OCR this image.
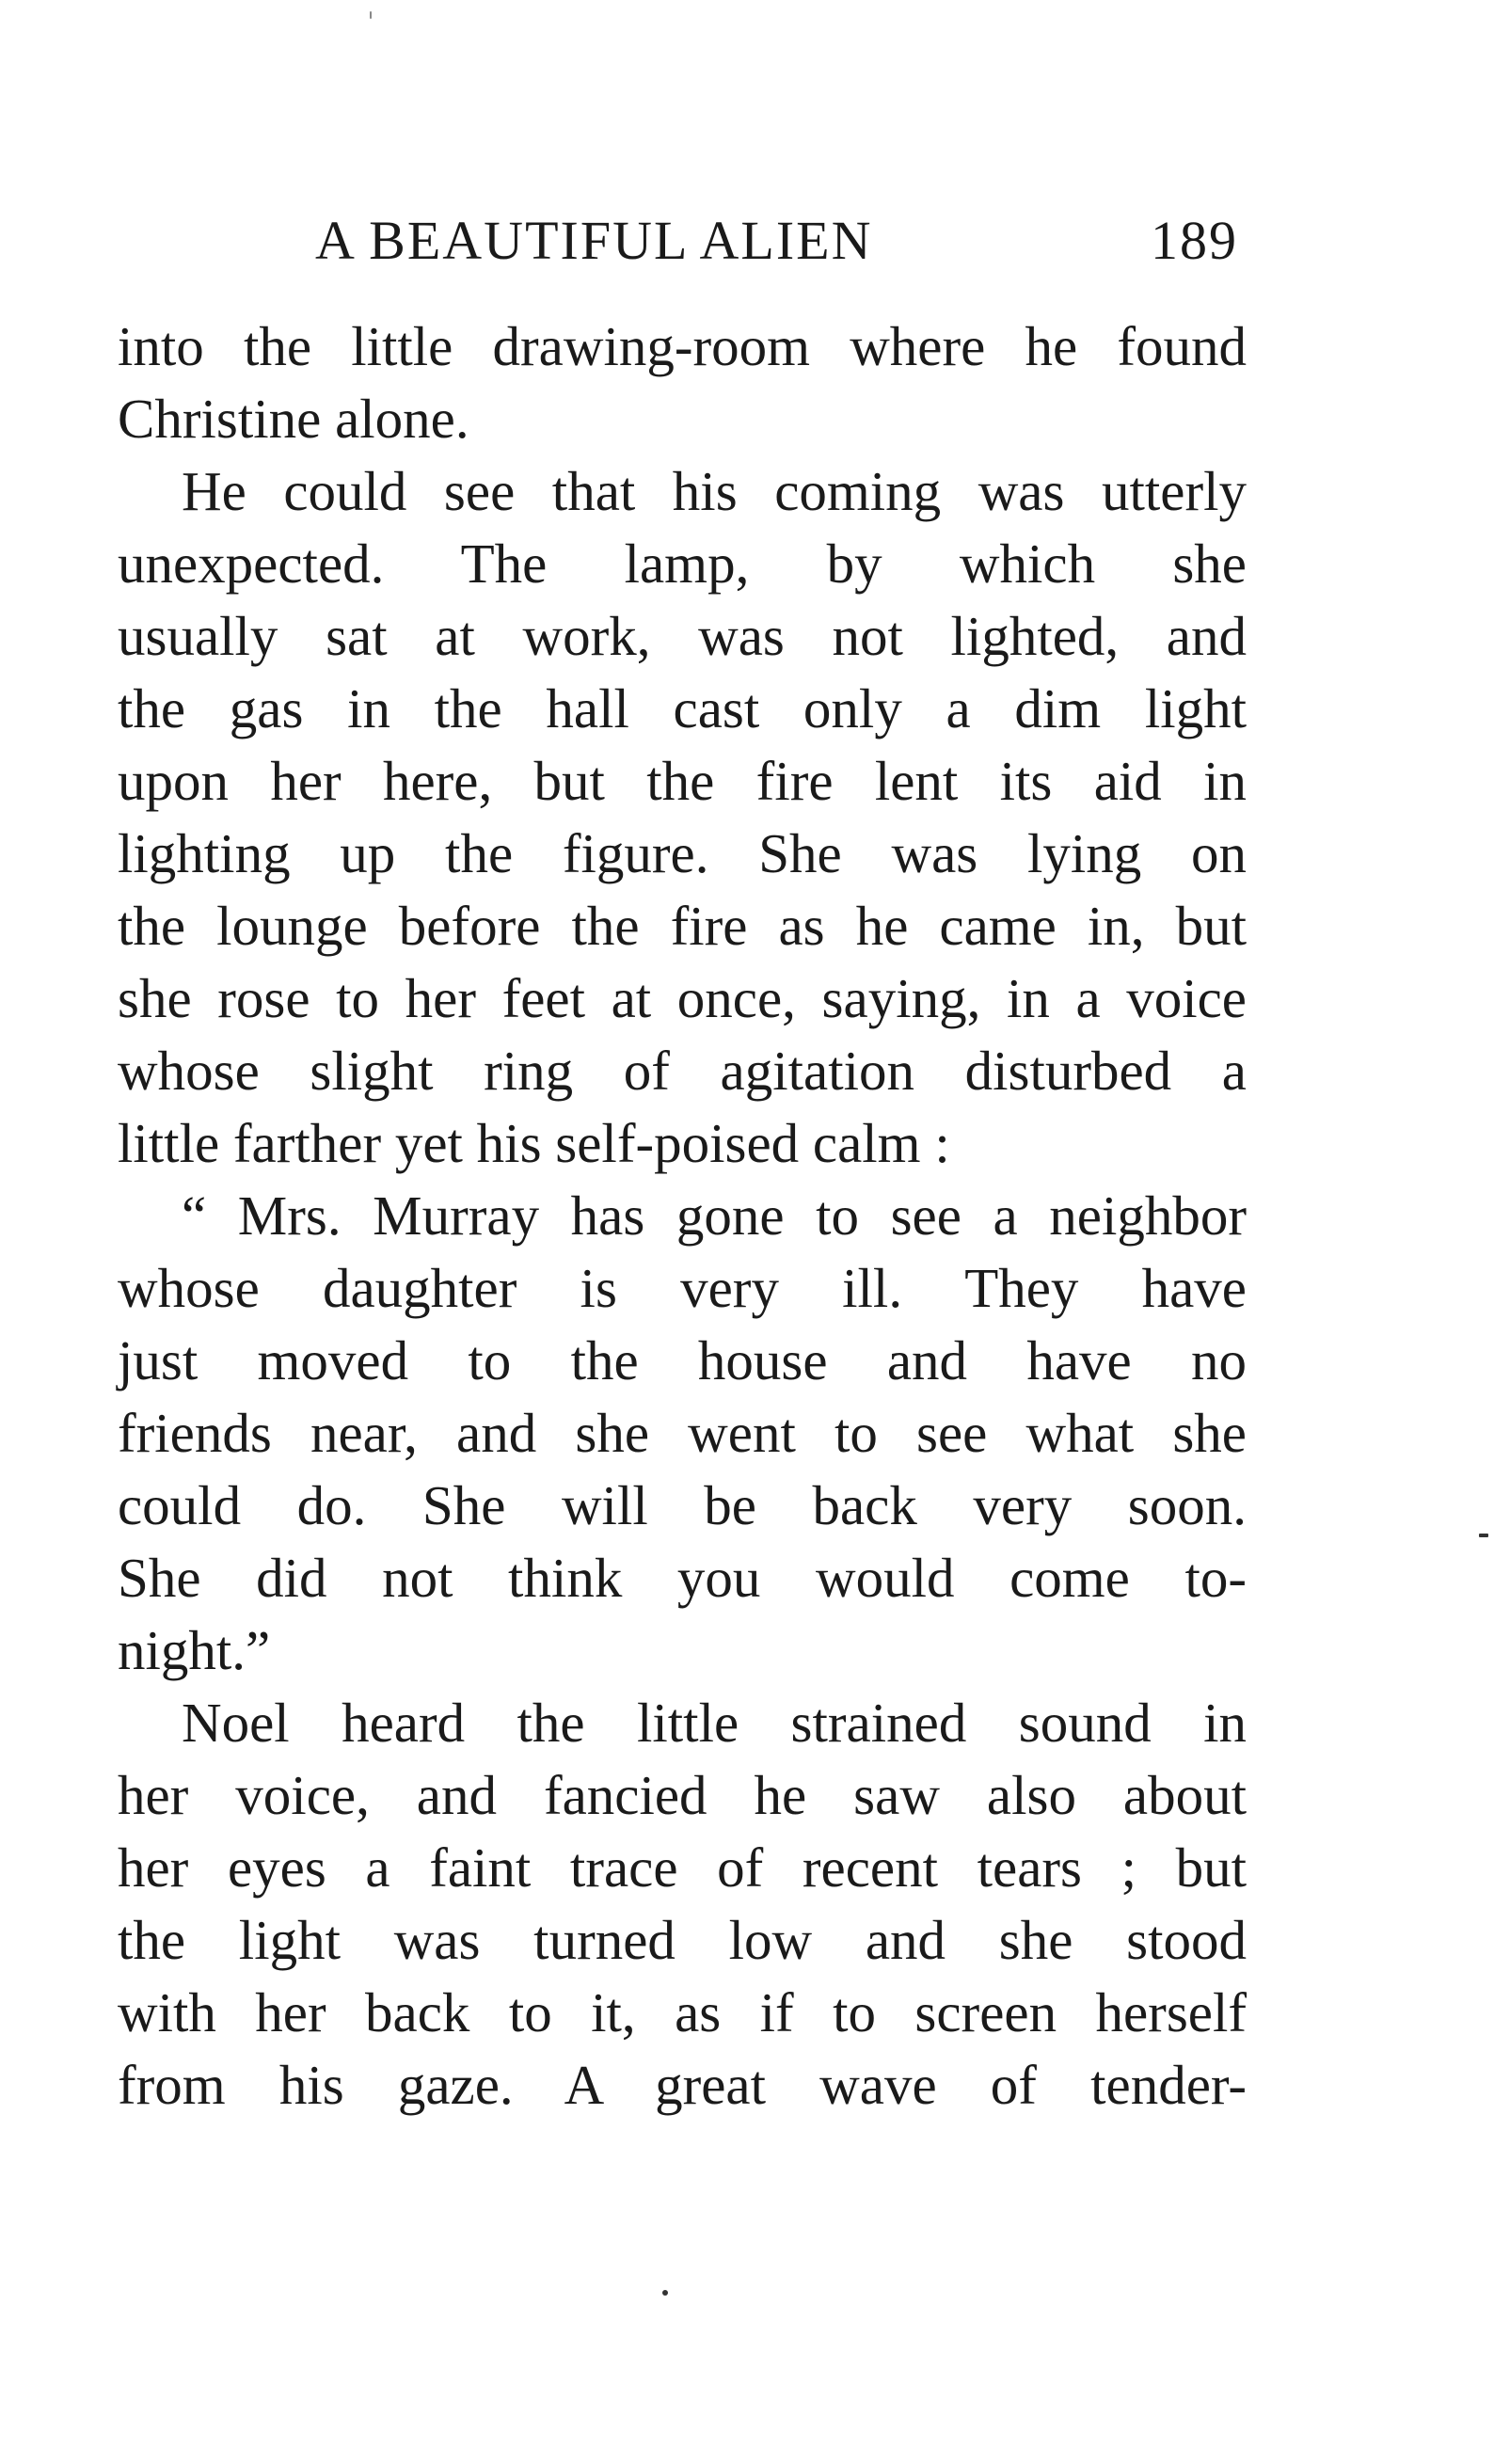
A BEAUTIFUL ALIEN	189
into the little drawing-room where he found
Christine alone.
He could see that his coming was utterly
unexpected. The lamp, by which she
usually sat at work, was not lighted, and
the gas in the hall cast only a dim light
upon her here, but the fire lent its aid in
lighting up the figure. She was lying on
the lounge before the fire as he came in, but
she rose to her feet at once, saying, in a voice
whose slight ring of agitation disturbed a
little farther yet his self-poised calm :
“ Mrs. Murray has gone to see a neighbor
whose daughter is very ill. They have
just moved to the house and have no
friends near, and she went to see what she
could do. She will be back very soon.
She did not think you would come to-
night.”
Noel heard the little strained sound in
her voice, and fancied he saw also about
her eyes a faint trace of recent tears ; but
the light was turned low and she stood
with her back to it, as if to screen herself
from his gaze. A great wave of tender-
